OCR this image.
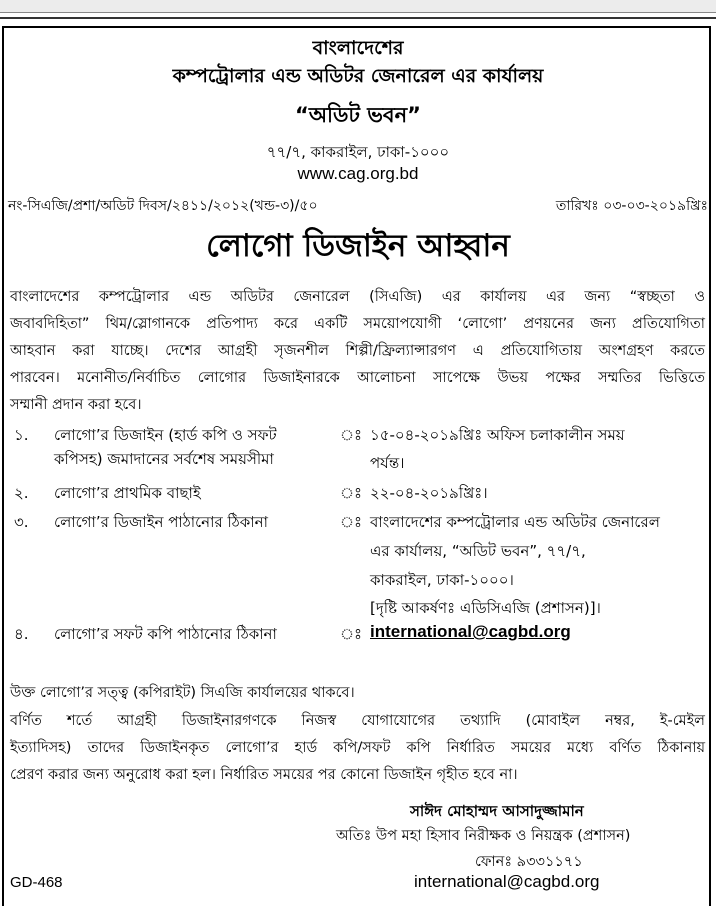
বাংলাদেশের
কম্পট্রোলার এন্ড অডিটর জেনারেল এর কার্যালয়
“অডিট ভবন”
৭৭/৭, কাকরাইল, ঢাকা-১০০০
www.cag.org.bd
নং-সিএজি/প্রশা/অডিট দিবস/২৪১১/২০১২(খন্ড-৩)/৫০	তারিখঃ ০৩-০৩-২০১৯খ্রিঃ
লোগো ডিজাইন আহ্বান
বাংলাদেশের কম্পট্রোলার এন্ড অডিটর জেনারেল (সিএজি) এর কার্যালয় এর জন্য “স্বচ্ছতা ও
জবাবদিহিতা” থিম/স্লোগানকে প্রতিপাদ্য করে একটি সময়োপযোগী ‘লোগো’ প্রণয়নের জন্য প্রতিযোগিতা
আহবান করা যাচ্ছে। দেশের আগ্রহী সৃজনশীল শিল্পী/ফ্রিল্যান্সারগণ এ প্রতিযোগিতায় অংশগ্রহণ করতে
পারবেন। মনোনীত/নির্বাচিত লোগোর ডিজাইনারকে আলোচনা সাপেক্ষে উভয় পক্ষের সম্মতির ভিত্তিতে
সম্মানী প্রদান করা হবে।
১. লোগো’র ডিজাইন (হার্ড কপি ও সফট
কপিসহ) জমাদানের সর্বশেষ সময়সীমা
ঃ ১৫-০৪-২০১৯খ্রিঃ অফিস চলাকালীন সময়
পর্যন্ত।
২. লোগো’র প্রাথমিক বাছাই	ঃ ২২-০৪-২০১৯খ্রিঃ।
৩. লোগো’র ডিজাইন পাঠানোর ঠিকানা	ঃ বাংলাদেশের কম্পট্রোলার এন্ড অডিটর জেনারেল
এর কার্যালয়, “অডিট ভবন”, ৭৭/৭,
কাকরাইল, ঢাকা-১০০০।
[দৃষ্টি আকর্ষণঃ এডিসিএজি (প্রশাসন)]।
৪. লোগো’র সফট কপি পাঠানোর ঠিকানা	ঃ international@cagbd.org
উক্ত লোগো’র সত্ত্ব (কপিরাইট) সিএজি কার্যালয়ের থাকবে।
বর্ণিত শর্তে আগ্রহী ডিজাইনারগণকে নিজস্ব যোগাযোগের তথ্যাদি (মোবাইল নম্বর, ই-মেইল
ইত্যাদিসহ) তাদের ডিজাইনকৃত লোগো’র হার্ড কপি/সফট কপি নির্ধারিত সময়ের মধ্যে বর্ণিত ঠিকানায়
প্রেরণ করার জন্য অনুরোধ করা হল। নির্ধারিত সময়ের পর কোনো ডিজাইন গৃহীত হবে না।
সাঈদ মোহাম্মদ আসাদুজ্জামান
অতিঃ উপ মহা হিসাব নিরীক্ষক ও নিয়ন্ত্রক (প্রশাসন)
ফোনঃ ৯৩৩১১৭১
GD-468	international@cagbd.org
